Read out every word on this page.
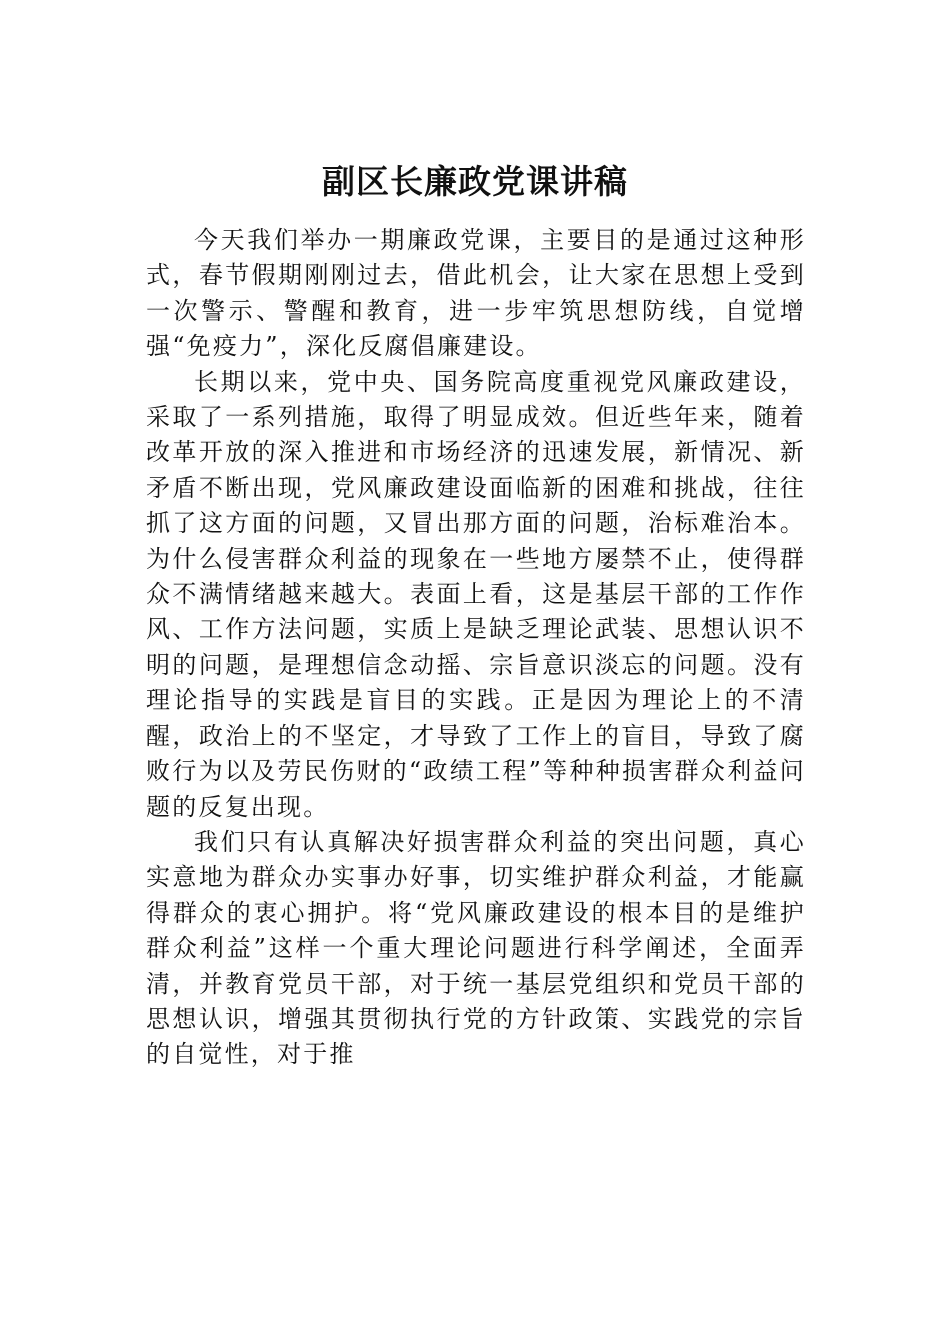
副区长廉政党课讲稿

今天我们举办一期廉政党课，主要目的是通过这种形式，春节假期刚刚过去，借此机会，让大家在思想上受到一次警示、警醒和教育，进一步牢筑思想防线，自觉增强“免疫力”，深化反腐倡廉建设。

长期以来，党中央、国务院高度重视党风廉政建设，采取了一系列措施，取得了明显成效。但近些年来，随着改革开放的深入推进和市场经济的迅速发展，新情况、新矛盾不断出现，党风廉政建设面临新的困难和挑战，往往抓了这方面的问题，又冒出那方面的问题，治标难治本。为什么侵害群众利益的现象在一些地方屡禁不止，使得群众不满情绪越来越大。表面上看，这是基层干部的工作作风、工作方法问题，实质上是缺乏理论武装、思想认识不明的问题，是理想信念动摇、宗旨意识淡忘的问题。没有理论指导的实践是盲目的实践。正是因为理论上的不清醒，政治上的不坚定，才导致了工作上的盲目，导致了腐败行为以及劳民伤财的“政绩工程”等种种损害群众利益问题的反复出现。

我们只有认真解决好损害群众利益的突出问题，真心实意地为群众办实事办好事，切实维护群众利益，才能赢得群众的衷心拥护。将“党风廉政建设的根本目的是维护群众利益”这样一个重大理论问题进行科学阐述，全面弄清，并教育党员干部，对于统一基层党组织和党员干部的思想认识，增强其贯彻执行党的方针政策、实践党的宗旨的自觉性，对于推
